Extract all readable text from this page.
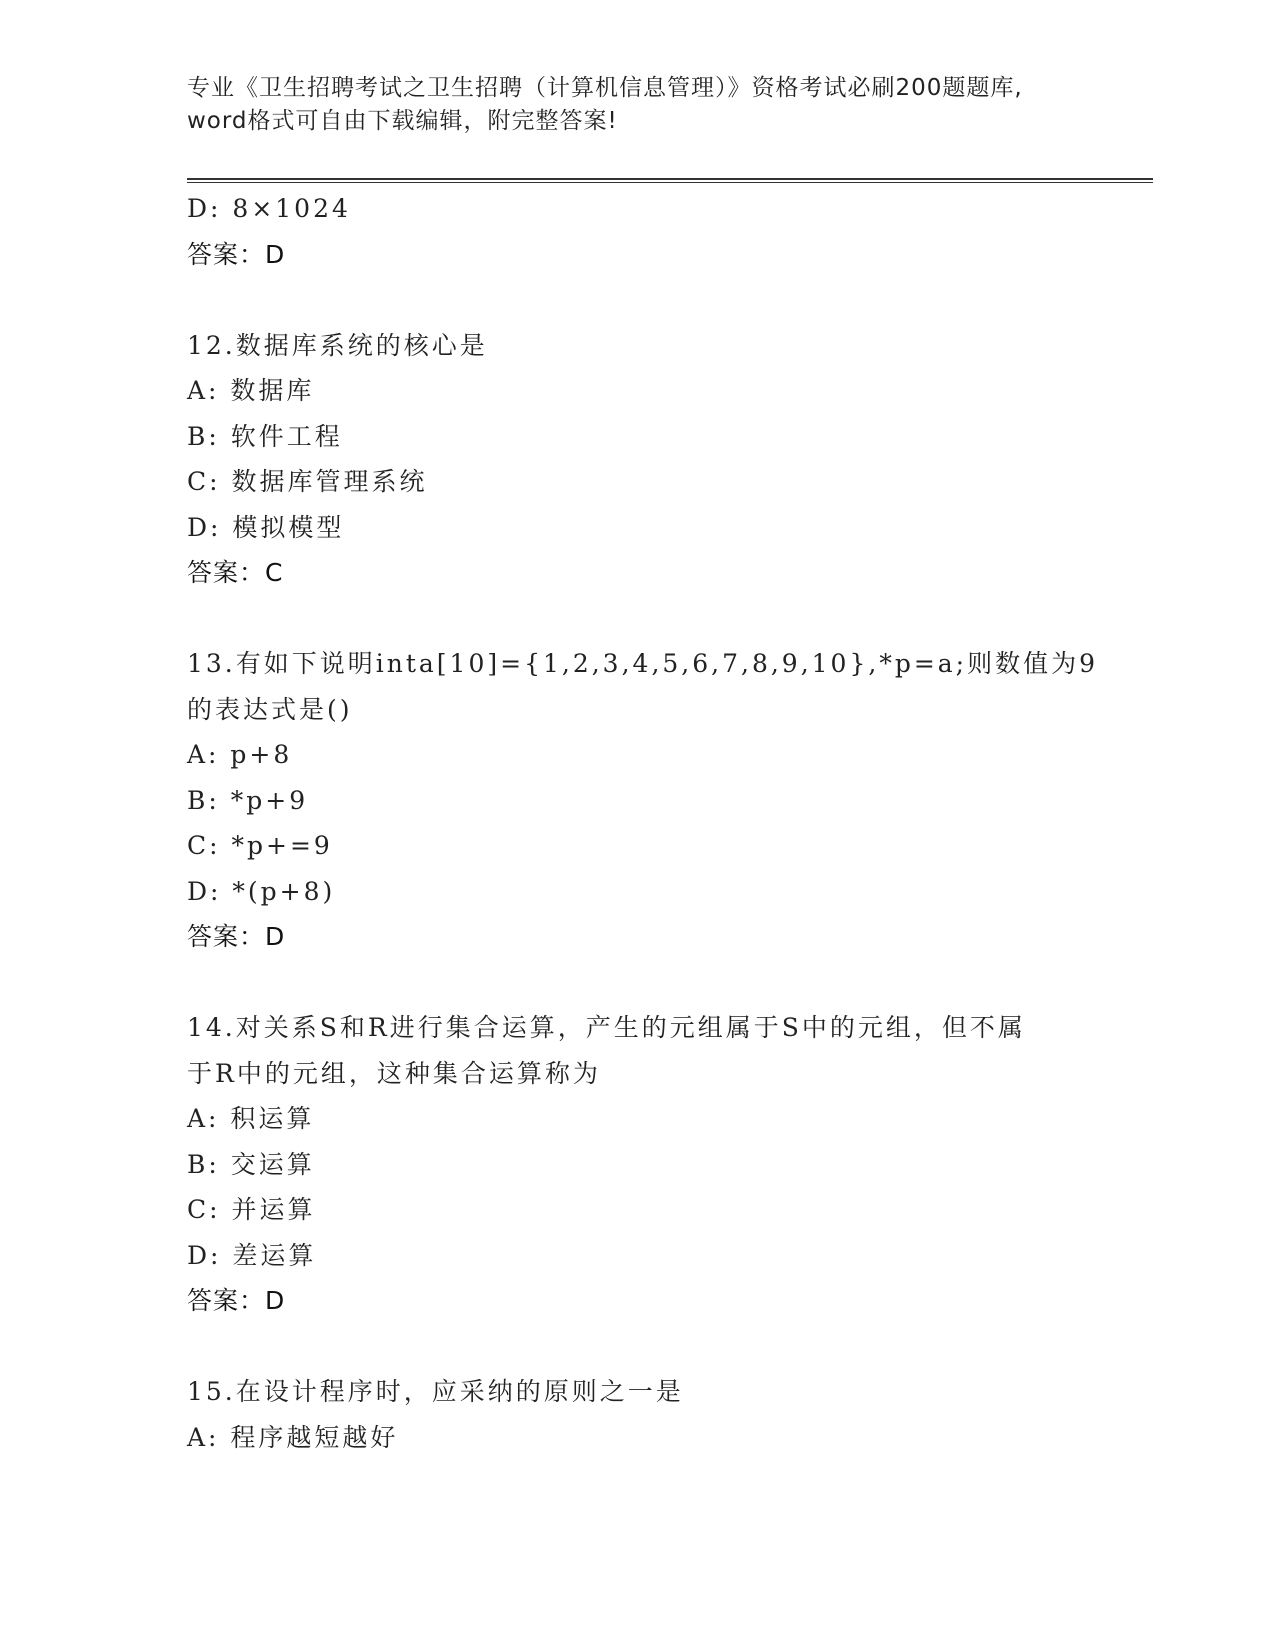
专业《卫生招聘考试之卫生招聘（计算机信息管理）》资格考试必刷200题题库,
word格式可自由下载编辑，附完整答案!
D: 8×1024
答案：D
12.数据库系统的核心是
A: 数据库
B: 软件工程
C: 数据库管理系统
D: 模拟模型
答案：C
13.有如下说明inta[10]={1,2,3,4,5,6,7,8,9,10},*p=a;则数值为9
的表达式是()
A: p+8
B: *p+9
C: *p+=9
D: *(p+8)
答案：D
14.对关系S和R进行集合运算，产生的元组属于S中的元组，但不属
于R中的元组，这种集合运算称为
A: 积运算
B: 交运算
C: 并运算
D: 差运算
答案：D
15.在设计程序时，应采纳的原则之一是
A: 程序越短越好
